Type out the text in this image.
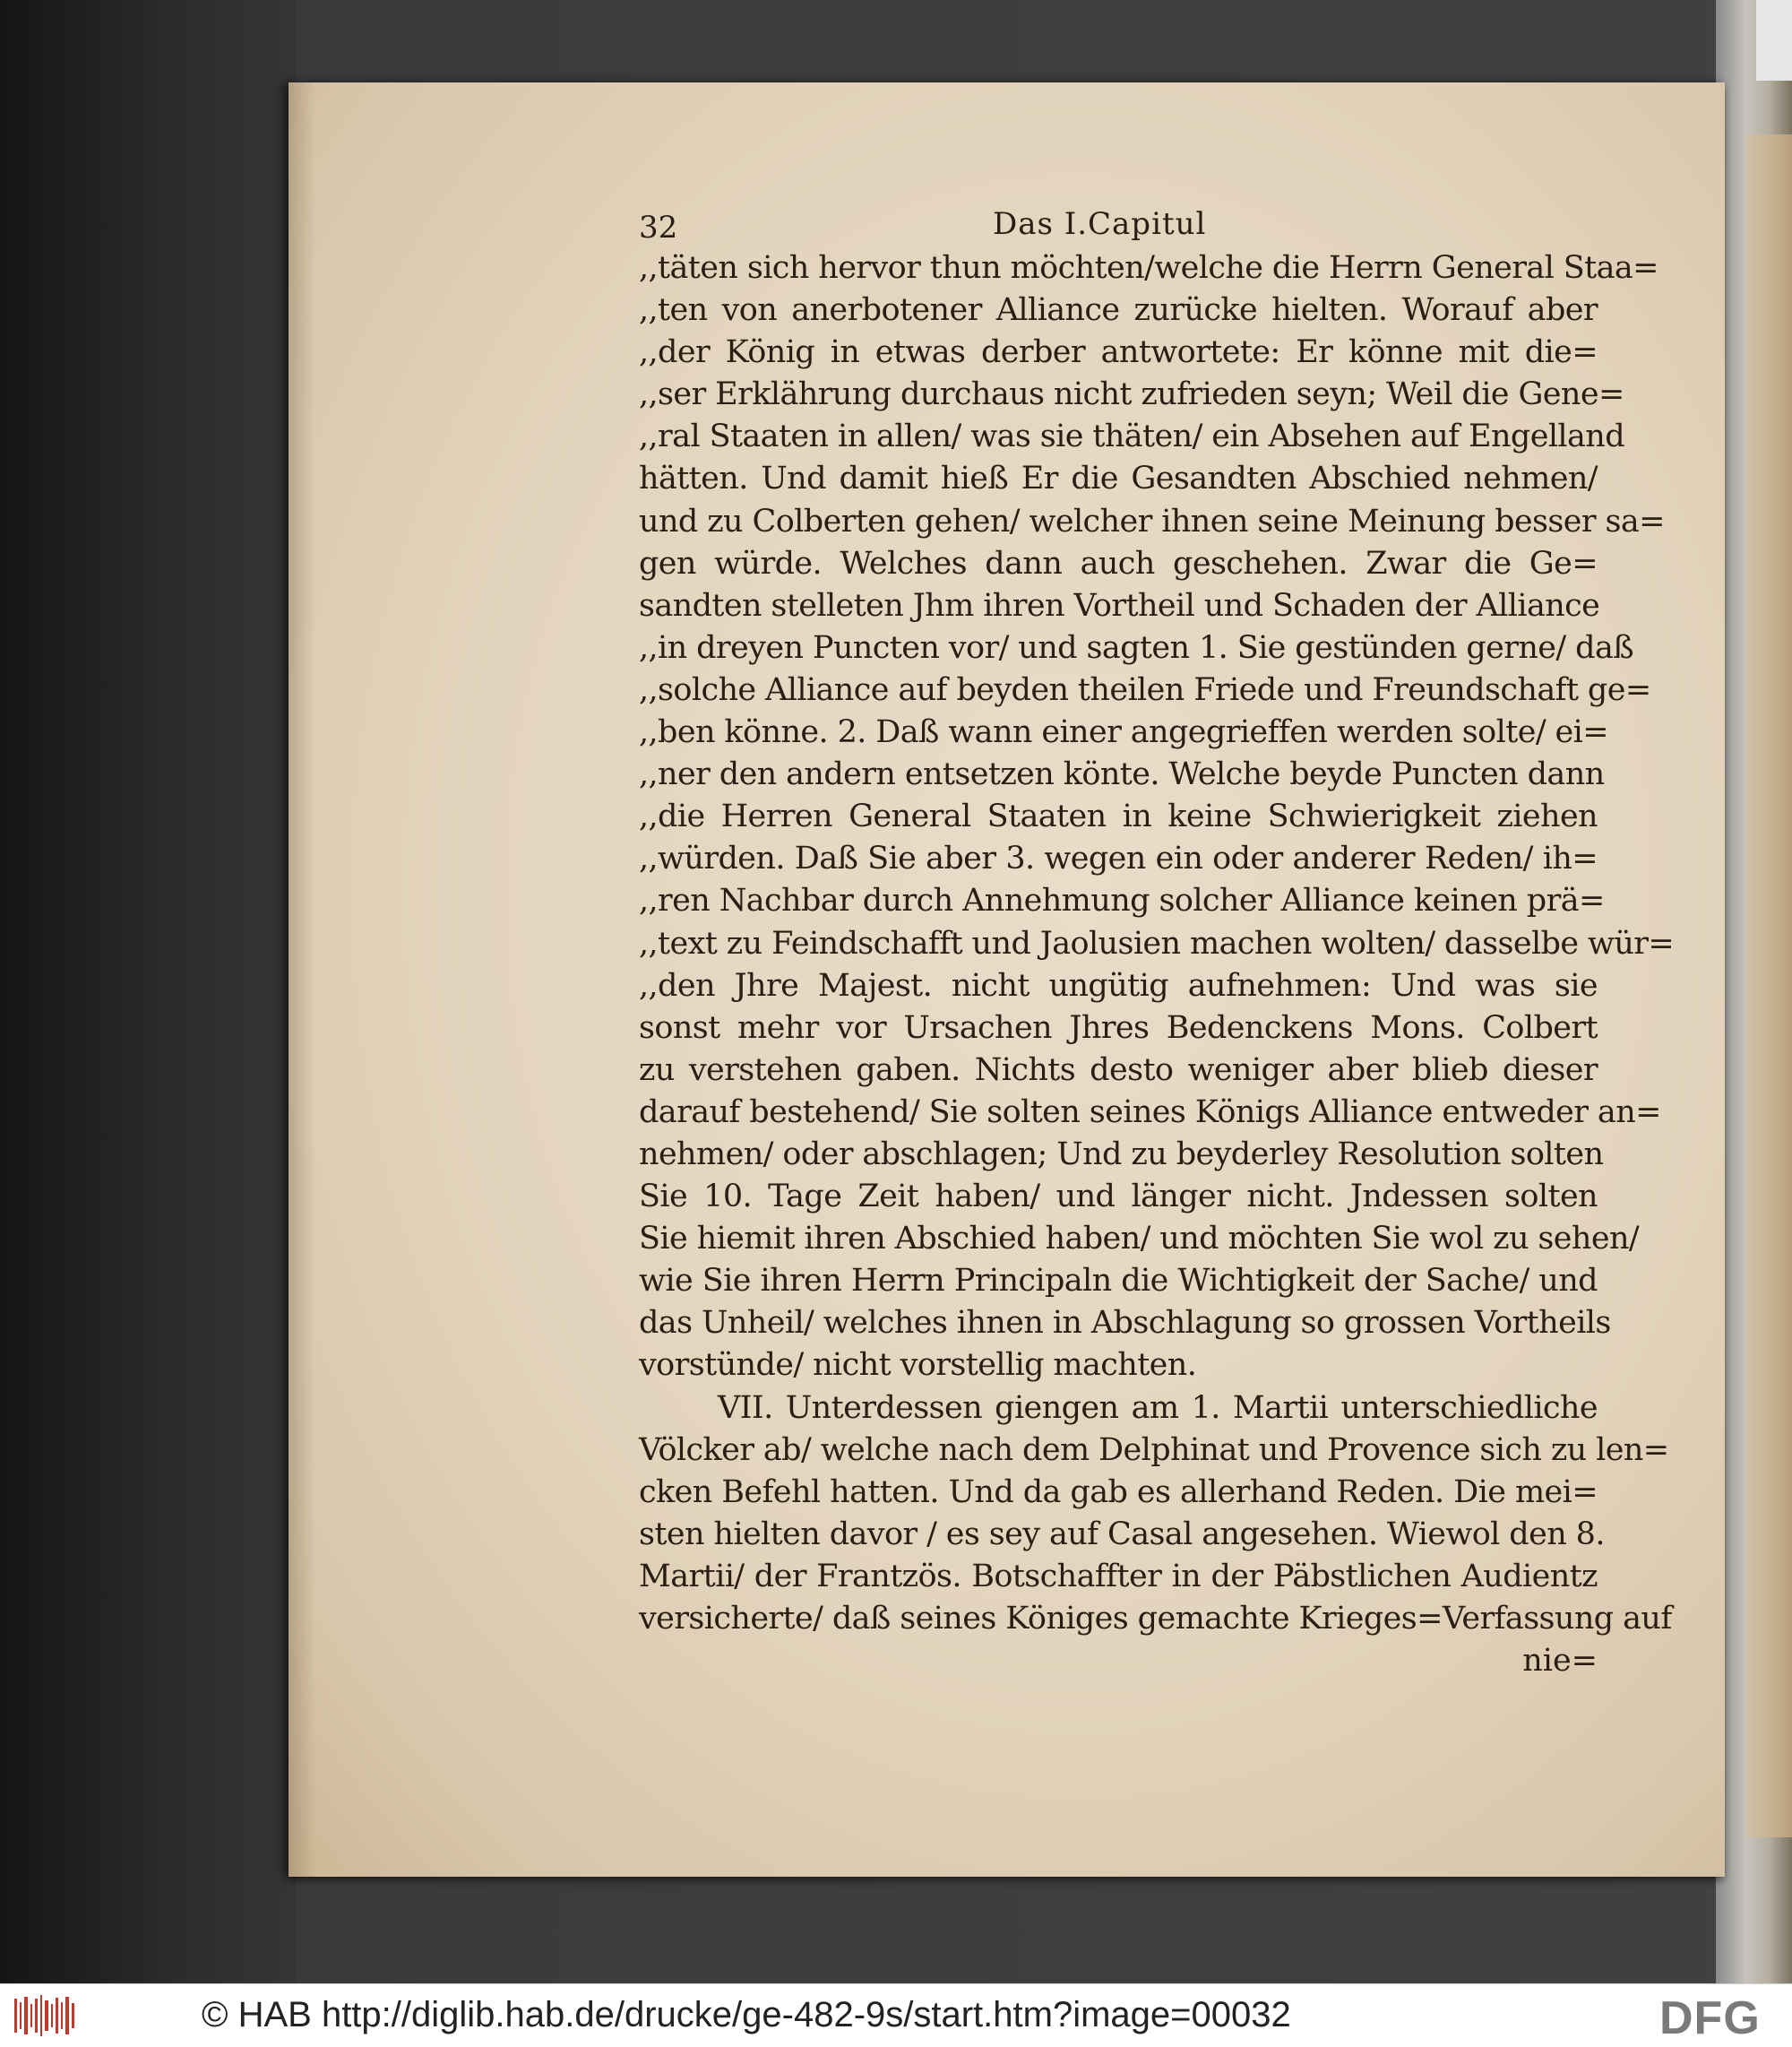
32	Das I.Capitul
,,täten sich hervor thun möchten/welche die Herrn General Staa=
,,ten von anerbotener Alliance zurücke hielten. Worauf aber
,,der König in etwas derber antwortete: Er könne mit die=
,,ser Erklährung durchaus nicht zufrieden seyn; Weil die Gene=
,,ral Staaten in allen/ was sie thäten/ ein Absehen auf Engelland
hätten. Und damit hieß Er die Gesandten Abschied nehmen/
und zu Colberten gehen/ welcher ihnen seine Meinung besser sa=
gen würde. Welches dann auch geschehen. Zwar die Ge=
sandten stelleten Jhm ihren Vortheil und Schaden der Alliance
,,in dreyen Puncten vor/ und sagten 1. Sie gestünden gerne/ daß
,,solche Alliance auf beyden theilen Friede und Freundschaft ge=
,,ben könne. 2. Daß wann einer angegrieffen werden solte/ ei=
,,ner den andern entsetzen könte. Welche beyde Puncten dann
,,die Herren General Staaten in keine Schwierigkeit ziehen
,,würden. Daß Sie aber 3. wegen ein oder anderer Reden/ ih=
,,ren Nachbar durch Annehmung solcher Alliance keinen prä=
,,text zu Feindschafft und Jaolusien machen wolten/ dasselbe wür=
,,den Jhre Majest. nicht ungütig aufnehmen: Und was sie
sonst mehr vor Ursachen Jhres Bedenckens Mons. Colbert
zu verstehen gaben. Nichts desto weniger aber blieb dieser
darauf bestehend/ Sie solten seines Königs Alliance entweder an=
nehmen/ oder abschlagen; Und zu beyderley Resolution solten
Sie 10. Tage Zeit haben/ und länger nicht. Jndessen solten
Sie hiemit ihren Abschied haben/ und möchten Sie wol zu sehen/
wie Sie ihren Herrn Principaln die Wichtigkeit der Sache/ und
das Unheil/ welches ihnen in Abschlagung so grossen Vortheils
vorstünde/ nicht vorstellig machten.
VII. Unterdessen giengen am 1. Martii unterschiedliche
Völcker ab/ welche nach dem Delphinat und Provence sich zu len=
cken Befehl hatten. Und da gab es allerhand Reden. Die mei=
sten hielten davor / es sey auf Casal angesehen. Wiewol den 8.
Martii/ der Frantzös. Botschaffter in der Päbstlichen Audientz
versicherte/ daß seines Königes gemachte Krieges=Verfassung auf
nie=
© HAB http://diglib.hab.de/drucke/ge-482-9s/start.htm?image=00032	DFG
